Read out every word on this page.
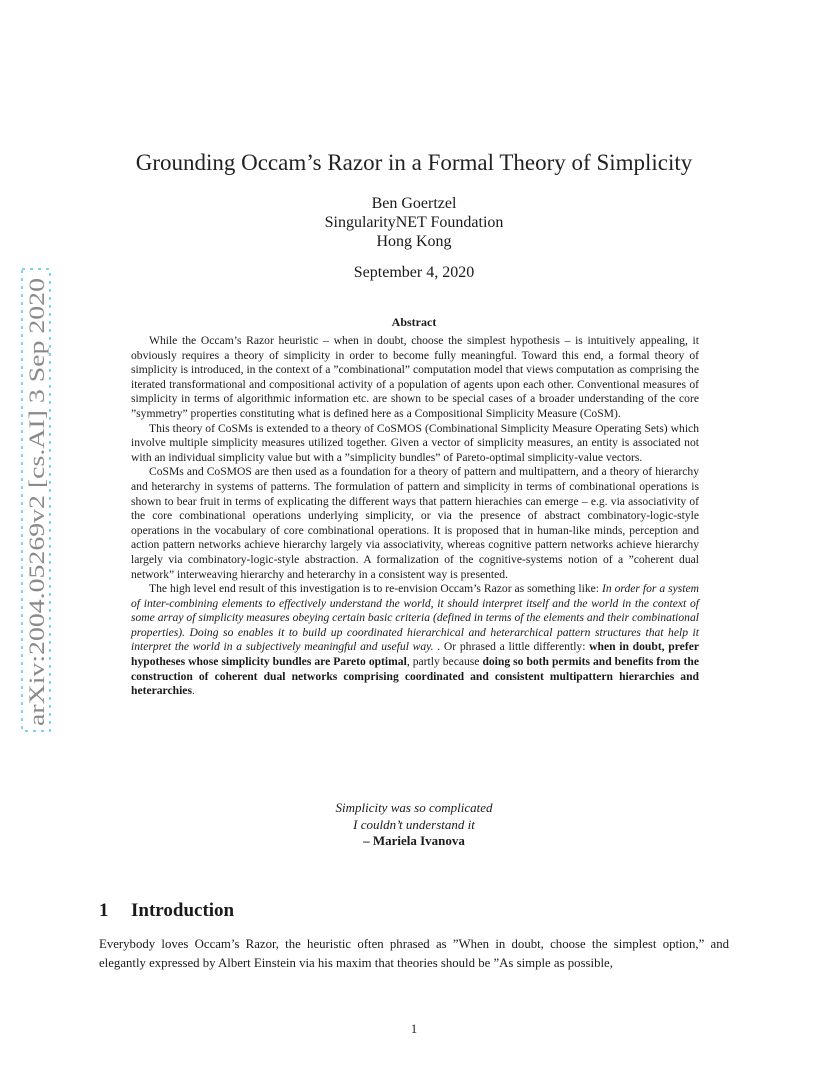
arXiv:2004.05269v2 [cs.AI] 3 Sep 2020
Grounding Occam’s Razor in a Formal Theory of Simplicity
Ben Goertzel
SingularityNET Foundation
Hong Kong
September 4, 2020
Abstract

While the Occam’s Razor heuristic – when in doubt, choose the simplest hypothesis – is intuitively appealing, it obviously requires a theory of simplicity in order to become fully meaningful. Toward this end, a formal theory of simplicity is introduced, in the context of a ”combinational” computation model that views computation as comprising the iterated transformational and compositional activity of a population of agents upon each other. Conventional measures of simplicity in terms of algorithmic information etc. are shown to be special cases of a broader understanding of the core ”symmetry” properties constituting what is defined here as a Compositional Simplicity Measure (CoSM).

This theory of CoSMs is extended to a theory of CoSMOS (Combinational Simplicity Measure Operating Sets) which involve multiple simplicity measures utilized together. Given a vector of simplicity measures, an entity is associated not with an individual simplicity value but with a ”simplicity bundles” of Pareto-optimal simplicity-value vectors.

CoSMs and CoSMOS are then used as a foundation for a theory of pattern and multipattern, and a theory of hierarchy and heterarchy in systems of patterns. The formulation of pattern and simplicity in terms of combinational operations is shown to bear fruit in terms of explicating the different ways that pattern hierachies can emerge – e.g. via associativity of the core combinational operations underlying simplicity, or via the presence of abstract combinatory-logic-style operations in the vocabulary of core combinational operations. It is proposed that in human-like minds, perception and action pattern networks achieve hierarchy largely via associativity, whereas cognitive pattern networks achieve hierarchy largely via combinatory-logic-style abstraction. A formalization of the cognitive-systems notion of a ”coherent dual network” interweaving hierarchy and heterarchy in a consistent way is presented.

The high level end result of this investigation is to re-envision Occam’s Razor as something like: In order for a system of inter-combining elements to effectively understand the world, it should interpret itself and the world in the context of some array of simplicity measures obeying certain basic criteria (defined in terms of the elements and their combinational properties). Doing so enables it to build up coordinated hierarchical and heterarchical pattern structures that help it interpret the world in a subjectively meaningful and useful way. . Or phrased a little differently: when in doubt, prefer hypotheses whose simplicity bundles are Pareto optimal, partly because doing so both permits and benefits from the construction of coherent dual networks comprising coordinated and consistent multipattern hierarchies and heterarchies.

Simplicity was so complicated
I couldn’t understand it
– Mariela Ivanova
1 Introduction

Everybody loves Occam’s Razor, the heuristic often phrased as ”When in doubt, choose the simplest option,” and elegantly expressed by Albert Einstein via his maxim that theories should be ”As simple as possible,

1
